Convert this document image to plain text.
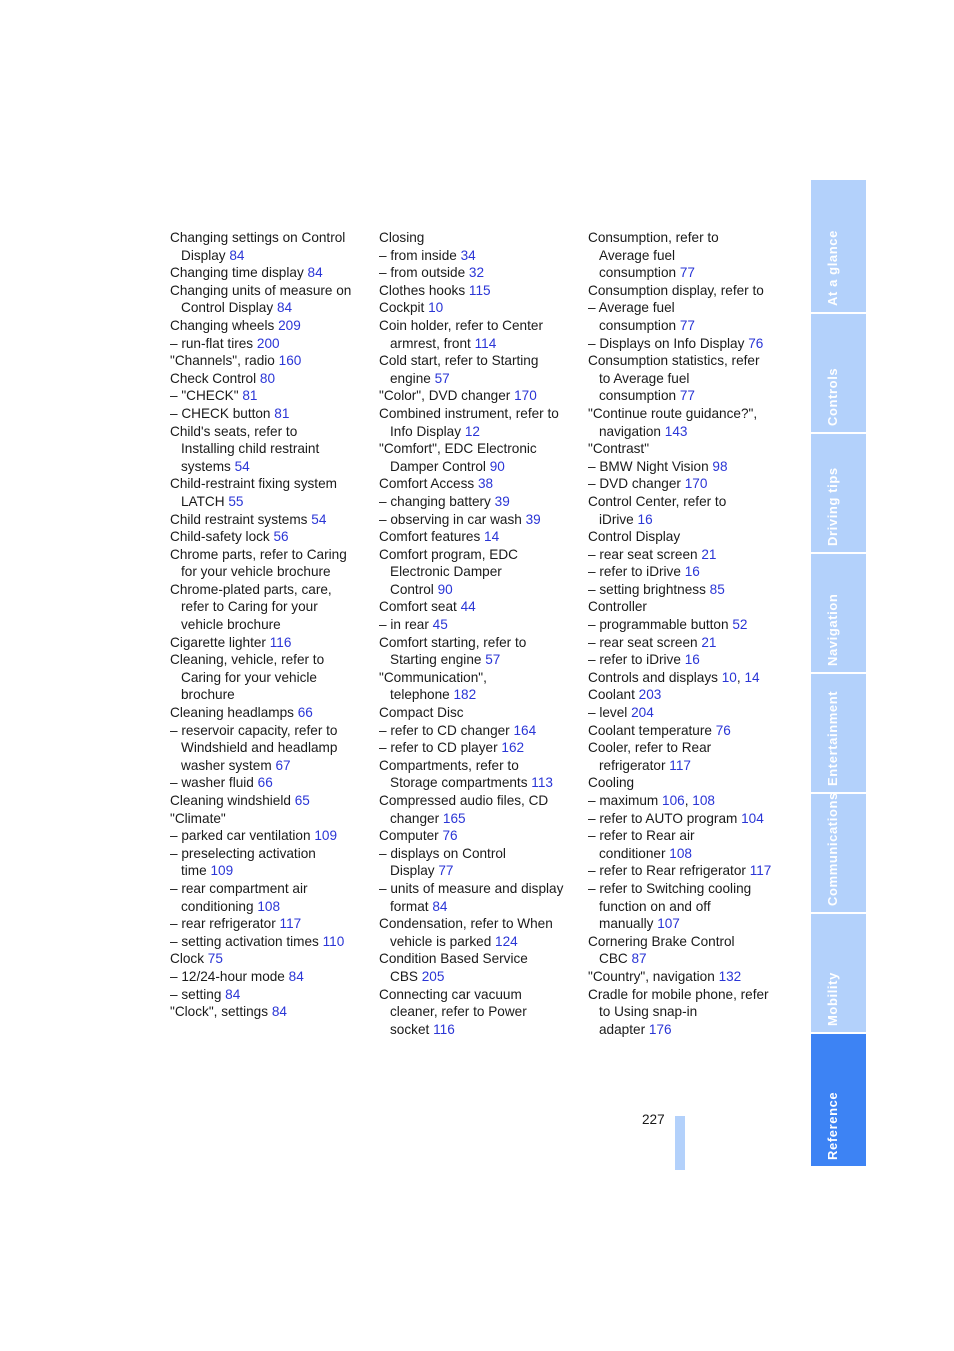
Changing settings on Control
Display 84
Changing time display 84
Changing units of measure on
Control Display 84
Changing wheels 209
– run-flat tires 200
"Channels", radio 160
Check Control 80
– "CHECK" 81
– CHECK button 81
Child's seats, refer to
Installing child restraint
systems 54
Child-restraint fixing system
LATCH 55
Child restraint systems 54
Child-safety lock 56
Chrome parts, refer to Caring
for your vehicle brochure
Chrome-plated parts, care,
refer to Caring for your
vehicle brochure
Cigarette lighter 116
Cleaning, vehicle, refer to
Caring for your vehicle
brochure
Cleaning headlamps 66
– reservoir capacity, refer to
Windshield and headlamp
washer system 67
– washer fluid 66
Cleaning windshield 65
"Climate"
– parked car ventilation 109
– preselecting activation
time 109
– rear compartment air
conditioning 108
– rear refrigerator 117
– setting activation times 110
Clock 75
– 12/24-hour mode 84
– setting 84
"Clock", settings 84
Closing
– from inside 34
– from outside 32
Clothes hooks 115
Cockpit 10
Coin holder, refer to Center
armrest, front 114
Cold start, refer to Starting
engine 57
"Color", DVD changer 170
Combined instrument, refer to
Info Display 12
"Comfort", EDC Electronic
Damper Control 90
Comfort Access 38
– changing battery 39
– observing in car wash 39
Comfort features 14
Comfort program, EDC
Electronic Damper
Control 90
Comfort seat 44
– in rear 45
Comfort starting, refer to
Starting engine 57
"Communication",
telephone 182
Compact Disc
– refer to CD changer 164
– refer to CD player 162
Compartments, refer to
Storage compartments 113
Compressed audio files, CD
changer 165
Computer 76
– displays on Control
Display 77
– units of measure and display
format 84
Condensation, refer to When
vehicle is parked 124
Condition Based Service
CBS 205
Connecting car vacuum
cleaner, refer to Power
socket 116
Consumption, refer to
Average fuel
consumption 77
Consumption display, refer to
– Average fuel
consumption 77
– Displays on Info Display 76
Consumption statistics, refer
to Average fuel
consumption 77
"Continue route guidance?",
navigation 143
"Contrast"
– BMW Night Vision 98
– DVD changer 170
Control Center, refer to
iDrive 16
Control Display
– rear seat screen 21
– refer to iDrive 16
– setting brightness 85
Controller
– programmable button 52
– rear seat screen 21
– refer to iDrive 16
Controls and displays 10, 14
Coolant 203
– level 204
Coolant temperature 76
Cooler, refer to Rear
refrigerator 117
Cooling
– maximum 106, 108
– refer to AUTO program 104
– refer to Rear air
conditioner 108
– refer to Rear refrigerator 117
– refer to Switching cooling
function on and off
manually 107
Cornering Brake Control
CBC 87
"Country", navigation 132
Cradle for mobile phone, refer
to Using snap-in
adapter 176
At a glance
Controls
Driving tips
Navigation
Entertainment
Communications
Mobility
Reference
227
